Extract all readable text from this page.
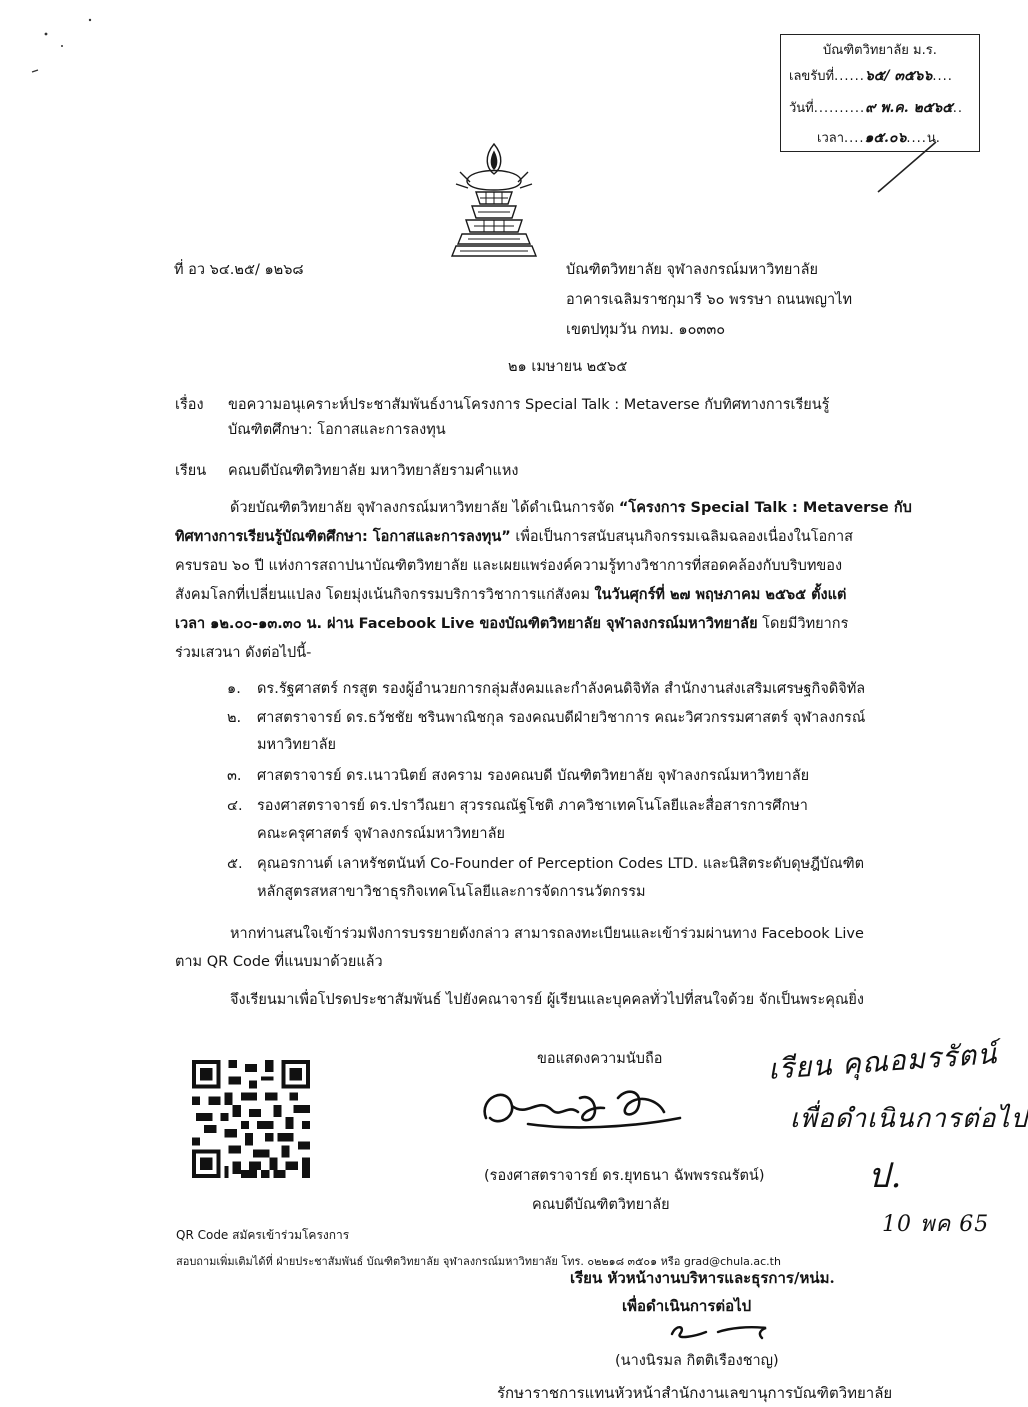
บัณฑิตวิทยาลัย ม.ร.
เลขรับที่......๖๕/ ๓๕๖๖....
วันที่..........๙ พ.ค. ๒๕๖๕..
เวลา....๑๕.๐๖....น.
ที่ อว ๖๔.๒๕/ ๑๒๖๘	บัณฑิตวิทยาลัย จุฬาลงกรณ์มหาวิทยาลัย
อาคารเฉลิมราชกุมารี ๖๐ พรรษา ถนนพญาไท
เขตปทุมวัน กทม. ๑๐๓๓๐
๒๑ เมษายน ๒๕๖๕
เรื่อง ขอความอนุเคราะห์ประชาสัมพันธ์งานโครงการ Special Talk : Metaverse กับทิศทางการเรียนรู้
บัณฑิตศึกษา: โอกาสและการลงทุน
เรียน คณบดีบัณฑิตวิทยาลัย มหาวิทยาลัยรามคำแหง
ด้วยบัณฑิตวิทยาลัย จุฬาลงกรณ์มหาวิทยาลัย ได้ดำเนินการจัด “โครงการ Special Talk : Metaverse กับ
ทิศทางการเรียนรู้บัณฑิตศึกษา: โอกาสและการลงทุน” เพื่อเป็นการสนับสนุนกิจกรรมเฉลิมฉลองเนื่องในโอกาส
ครบรอบ ๖๐ ปี แห่งการสถาปนาบัณฑิตวิทยาลัย และเผยแพร่องค์ความรู้ทางวิชาการที่สอดคล้องกับบริบทของ
สังคมโลกที่เปลี่ยนแปลง โดยมุ่งเน้นกิจกรรมบริการวิชาการแก่สังคม ในวันศุกร์ที่ ๒๗ พฤษภาคม ๒๕๖๕ ตั้งแต่
เวลา ๑๒.๐๐-๑๓.๓๐ น. ผ่าน Facebook Live ของบัณฑิตวิทยาลัย จุฬาลงกรณ์มหาวิทยาลัย โดยมีวิทยากร
ร่วมเสวนา ดังต่อไปนี้-
๑. ดร.รัฐศาสตร์ กรสูต รองผู้อำนวยการกลุ่มสังคมและกำลังคนดิจิทัล สำนักงานส่งเสริมเศรษฐกิจดิจิทัล
๒. ศาสตราจารย์ ดร.ธวัชชัย ชรินพาณิชกุล รองคณบดีฝ่ายวิชาการ คณะวิศวกรรมศาสตร์ จุฬาลงกรณ์
มหาวิทยาลัย
๓. ศาสตราจารย์ ดร.เนาวนิตย์ สงคราม รองคณบดี บัณฑิตวิทยาลัย จุฬาลงกรณ์มหาวิทยาลัย
๔. รองศาสตราจารย์ ดร.ปราวีณยา สุวรรณณัฐโชติ ภาควิชาเทคโนโลยีและสื่อสารการศึกษา
คณะครุศาสตร์ จุฬาลงกรณ์มหาวิทยาลัย
๕. คุณอรกานต์ เลาหรัชตนันท์ Co-Founder of Perception Codes LTD. และนิสิตระดับดุษฎีบัณฑิต
หลักสูตรสหสาขาวิชาธุรกิจเทคโนโลยีและการจัดการนวัตกรรม
หากท่านสนใจเข้าร่วมฟังการบรรยายดังกล่าว สามารถลงทะเบียนและเข้าร่วมผ่านทาง Facebook Live
ตาม QR Code ที่แนบมาด้วยแล้ว
จึงเรียนมาเพื่อโปรดประชาสัมพันธ์ ไปยังคณาจารย์ ผู้เรียนและบุคคลทั่วไปที่สนใจด้วย จักเป็นพระคุณยิ่ง
ขอแสดงความนับถือ
(รองศาสตราจารย์ ดร.ยุทธนา ฉัพพรรณรัตน์)
คณบดีบัณฑิตวิทยาลัย
QR Code สมัครเข้าร่วมโครงการ
สอบถามเพิ่มเติมได้ที่ ฝ่ายประชาสัมพันธ์ บัณฑิตวิทยาลัย จุฬาลงกรณ์มหาวิทยาลัย โทร. ๐๒๒๑๘ ๓๕๐๑ หรือ grad@chula.ac.th
เรียน หัวหน้างานบริหารและธุรการ/หน่ม.
เพื่อดำเนินการต่อไป
(นางนิรมล กิตติเรืองชาญ)
รักษาราชการแทนหัวหน้าสำนักงานเลขานุการบัณฑิตวิทยาลัย
เรียน คุณอมรรัตน์
เพื่อดำเนินการต่อไป
ป.
10 พค 65
